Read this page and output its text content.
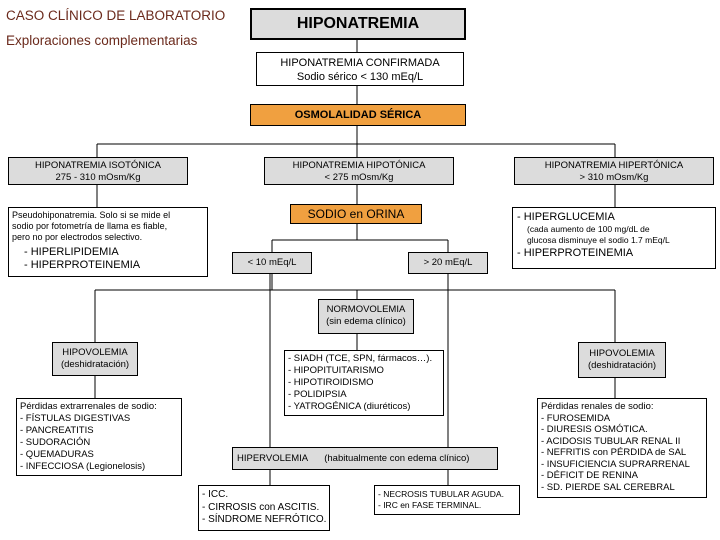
CASO CLÍNICO DE LABORATORIO
Exploraciones complementarias
HIPONATREMIA
HIPONATREMIA CONFIRMADA
Sodio sérico < 130 mEq/L
OSMOLALIDAD SÉRICA
HIPONATREMIA ISOTÓNICA
275 - 310 mOsm/Kg
HIPONATREMIA HIPOTÓNICA
< 275 mOsm/Kg
HIPONATREMIA HIPERTÓNICA
> 310 mOsm/Kg
Pseudohiponatremia. Solo si se mide el
sodio por fotometría de llama es fiable,
pero no por electrodos selectivo.
- HIPERLIPIDEMIA
- HIPERPROTEINEMIA
SODIO en ORINA
< 10 mEq/L	> 20 mEq/L
- HIPERGLUCEMIA
(cada aumento de 100 mg/dL de
glucosa disminuye el sodio 1.7 mEq/L
- HIPERPROTEINEMIA
NORMOVOLEMIA
(sin edema clínico)
HIPOVOLEMIA
(deshidratación)
- SIADH (TCE, SPN, fármacos…).
- HIPOPITUITARISMO
- HIPOTIROIDISMO
- POLIDIPSIA
- YATROGÉNICA (diuréticos)
HIPOVOLEMIA
(deshidratación)
Pérdidas extrarrenales de sodio:
- FÍSTULAS DIGESTIVAS
- PANCREATITIS
- SUDORACIÓN
- QUEMADURAS
- INFECCIOSA (Legionelosis)
Pérdidas renales de sodio:
- FUROSEMIDA
- DIURESIS OSMÓTICA.
- ACIDOSIS TUBULAR RENAL II
- NEFRITIS con PÉRDIDA de SAL
- INSUFICIENCIA SUPRARRENAL
- DÉFICIT DE RENINA
- SD. PIERDE SAL CEREBRAL
HIPERVOLEMIA (habitualmente con edema clínico)
- ICC.
- CIRROSIS con ASCITIS.
- SÍNDROME NEFRÓTICO.
- NECROSIS TUBULAR AGUDA.
- IRC en FASE TERMINAL.
